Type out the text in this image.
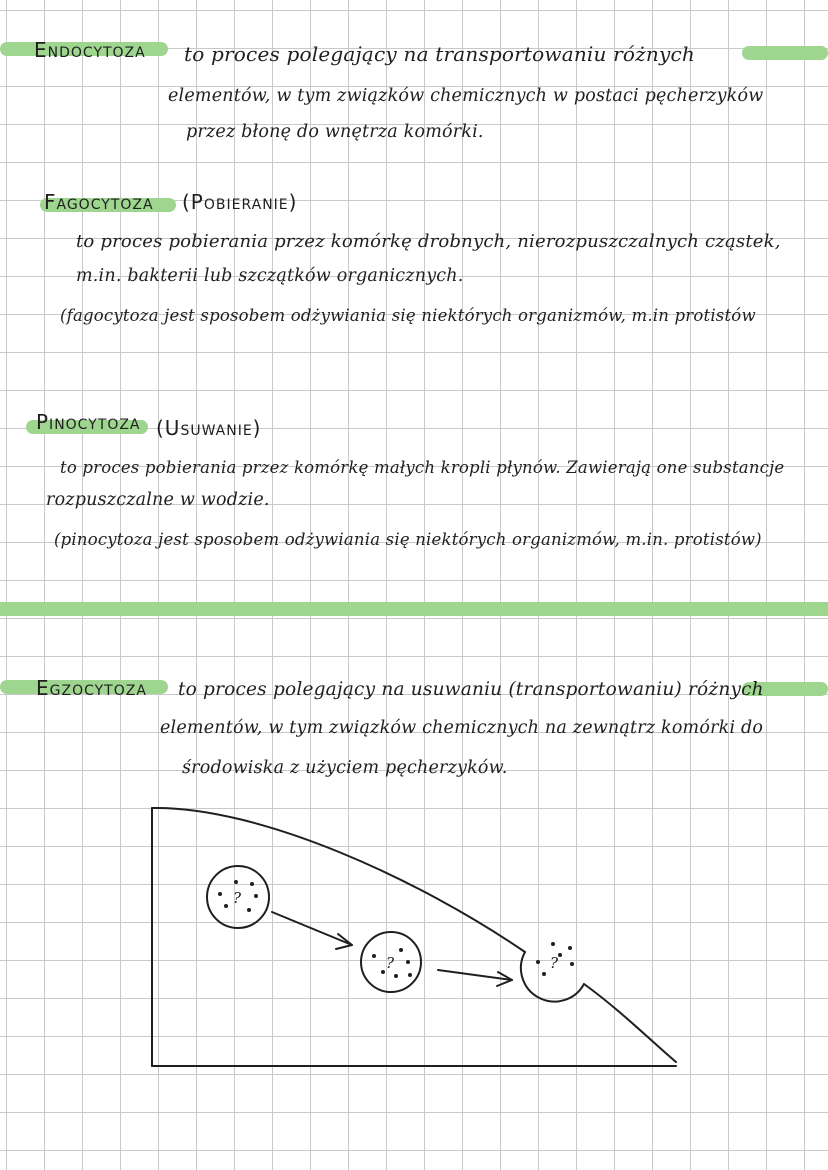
Endocytoza to proces polegający na transportowaniu różnych
elementów, w tym związków chemicznych w postaci pęcherzyków
przez błonę do wnętrza komórki.
Fagocytoza (Pobieranie)
to proces pobierania przez komórkę drobnych, nierozpuszczalnych cząstek,
m.in. bakterii lub szczątków organicznych.
(fagocytoza jest sposobem odżywiania się niektórych organizmów, m.in protistów
Pinocytoza (Usuwanie)
to proces pobierania przez komórkę małych kropli płynów. Zawierają one substancje
rozpuszczalne w wodzie.
(pinocytoza jest sposobem odżywiania się niektórych organizmów, m.in. protistów)
Egzocytoza to proces polegający na usuwaniu (transportowaniu) różnych
elementów, w tym związków chemicznych na zewnątrz komórki do
środowiska z użyciem pęcherzyków.
?
?	?
